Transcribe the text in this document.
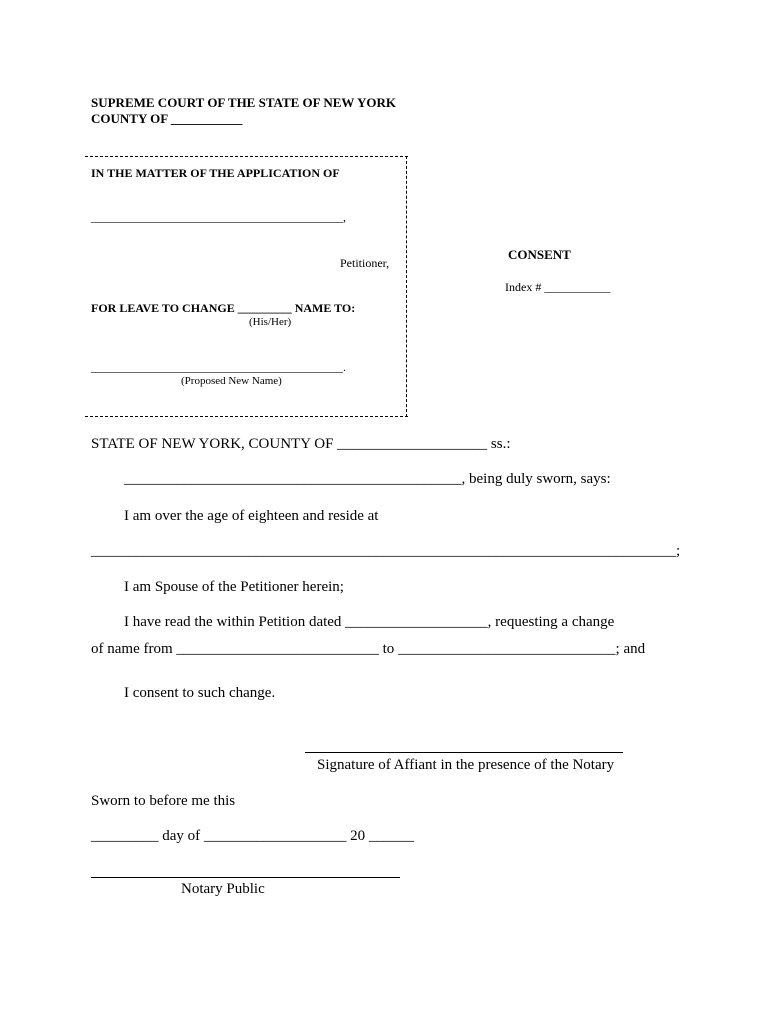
SUPREME COURT OF THE STATE OF NEW YORK
COUNTY OF ___________
IN THE MATTER OF THE APPLICATION OF
__________________________________________,
Petitioner,
FOR LEAVE TO CHANGE _________ NAME TO:
(His/Her)
__________________________________________.
(Proposed New Name)
CONSENT
Index # ___________
STATE OF NEW YORK, COUNTY OF ____________________ ss.:
_____________________________________________, being duly sworn, says:
I am over the age of eighteen and reside at
______________________________________________________________________________;
I am Spouse of the Petitioner herein;
I have read the within Petition dated ___________________, requesting a change
of name from ___________________________ to _____________________________; and
I consent to such change.
Signature of Affiant in the presence of the Notary
Sworn to before me this
_________ day of ___________________ 20 ______
Notary Public
